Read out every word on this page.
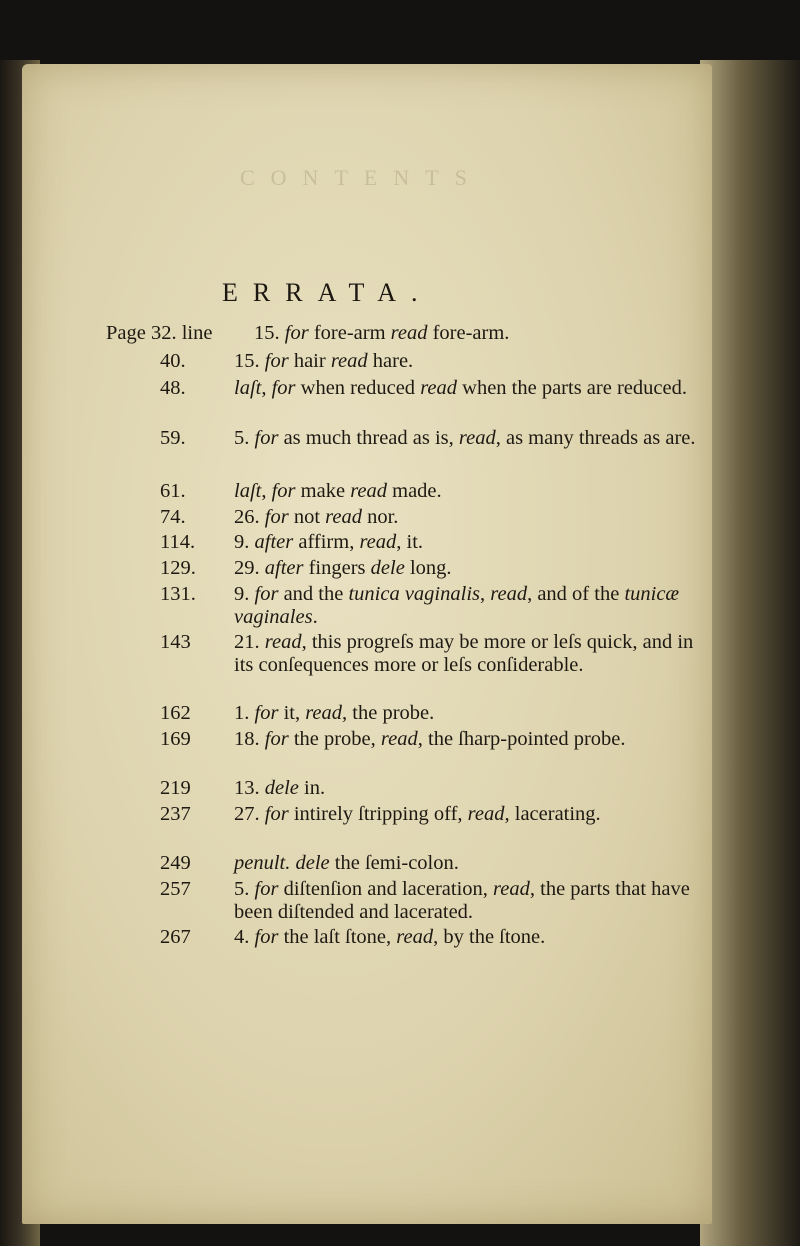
CONTENTS
ERRATA.
Page 32. line 15. for fore-arm read fore-arm.
40.	15. for hair read hare.
48.	laſt, for when reduced read when the parts are reduced.
59.	5. for as much thread as is, read, as many threads as are.
61.	laſt, for make read made.
74.	26. for not read nor.
114.	9. after affirm, read, it.
129.	29. after fingers dele long.
131.	9. for and the tunica vaginalis, read, and of the tunicæ vaginales.
143	21. read, this progreſs may be more or leſs quick, and in its conſequences more or leſs conſiderable.
162	1. for it, read, the probe.
169	18. for the probe, read, the ſharp-pointed probe.
219	13. dele in.
237	27. for intirely ſtripping off, read, lacerating.
249	penult. dele the ſemi-colon.
257	5. for diſtenſion and laceration, read, the parts that have been diſtended and lacerated.
267	4. for the laſt ſtone, read, by the ſtone.
